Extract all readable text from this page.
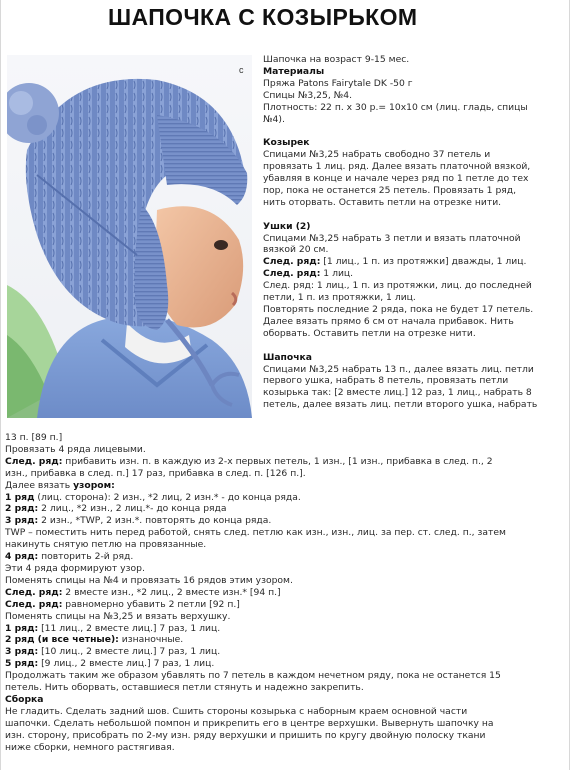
ШАПОЧКА С КОЗЫРЬКОМ
c
Шапочка на возраст 9-15 мес.
Материалы
Пряжа Patons Fairytale DK -50 г
Спицы №3,25, №4.
Плотность: 22 п. х 30 р.= 10х10 см (лиц. гладь, спицы
№4).
Козырек
Спицами №3,25 набрать свободно 37 петель и
провязать 1 лиц. ряд. Далее вязать платочной вязкой,
убавляя в конце и начале через ряд по 1 петле до тех
пор, пока не останется 25 петель. Провязать 1 ряд,
нить оторвать. Оставить петли на отрезке нити.
Ушки (2)
Спицами №3,25 набрать 3 петли и вязать платочной
вязкой 20 см.
След. ряд: [1 лиц., 1 п. из протяжки] дважды, 1 лиц.
След. ряд: 1 лиц.
След. ряд: 1 лиц., 1 п. из протяжки, лиц. до последней
петли, 1 п. из протяжки, 1 лиц.
Повторять последние 2 ряда, пока не будет 17 петель.
Далее вязать прямо 6 см от начала прибавок. Нить
оборвать. Оставить петли на отрезке нити.
Шапочка
Спицами №3,25 набрать 13 п., далее вязать лиц. петли
первого ушка, набрать 8 петель, провязать петли
козырька так: [2 вместе лиц.] 12 раз, 1 лиц., набрать 8
петель, далее вязать лиц. петли второго ушка, набрать
13 п. [89 п.]
Провязать 4 ряда лицевыми.
След. ряд: прибавить изн. п. в каждую из 2-х первых петель, 1 изн., [1 изн., прибавка в след. п., 2
изн., прибавка в след. п.] 17 раз, прибавка в след. п. [126 п.].
Далее вязать узором:
1 ряд (лиц. сторона): 2 изн., *2 лиц, 2 изн.* - до конца ряда.
2 ряд: 2 лиц., *2 изн., 2 лиц.*- до конца ряда
3 ряд: 2 изн., *TWP, 2 изн.*. повторять до конца ряда.
TWP – поместить нить перед работой, снять след. петлю как изн., изн., лиц. за пер. ст. след. п., затем
накинуть снятую петлю на провязанные.
4 ряд: повторить 2-й ряд.
Эти 4 ряда формируют узор.
Поменять спицы на №4 и провязать 16 рядов этим узором.
След. ряд: 2 вместе изн., *2 лиц., 2 вместе изн.* [94 п.]
След. ряд: равномерно убавить 2 петли [92 п.]
Поменять спицы на №3,25 и вязать верхушку.
1 ряд: [11 лиц., 2 вместе лиц.] 7 раз, 1 лиц.
2 ряд (и все четные): изнаночные.
3 ряд: [10 лиц., 2 вместе лиц.] 7 раз, 1 лиц.
5 ряд: [9 лиц., 2 вместе лиц.] 7 раз, 1 лиц.
Продолжать таким же образом убавлять по 7 петель в каждом нечетном ряду, пока не останется 15
петель. Нить оборвать, оставшиеся петли стянуть и надежно закрепить.
Сборка
Не гладить. Сделать задний шов. Сшить стороны козырька с наборным краем основной части
шапочки. Сделать небольшой помпон и прикрепить его в центре верхушки. Вывернуть шапочку на
изн. сторону, присобрать по 2-му изн. ряду верхушки и пришить по кругу двойную полоску ткани
ниже сборки, немного растягивая.
